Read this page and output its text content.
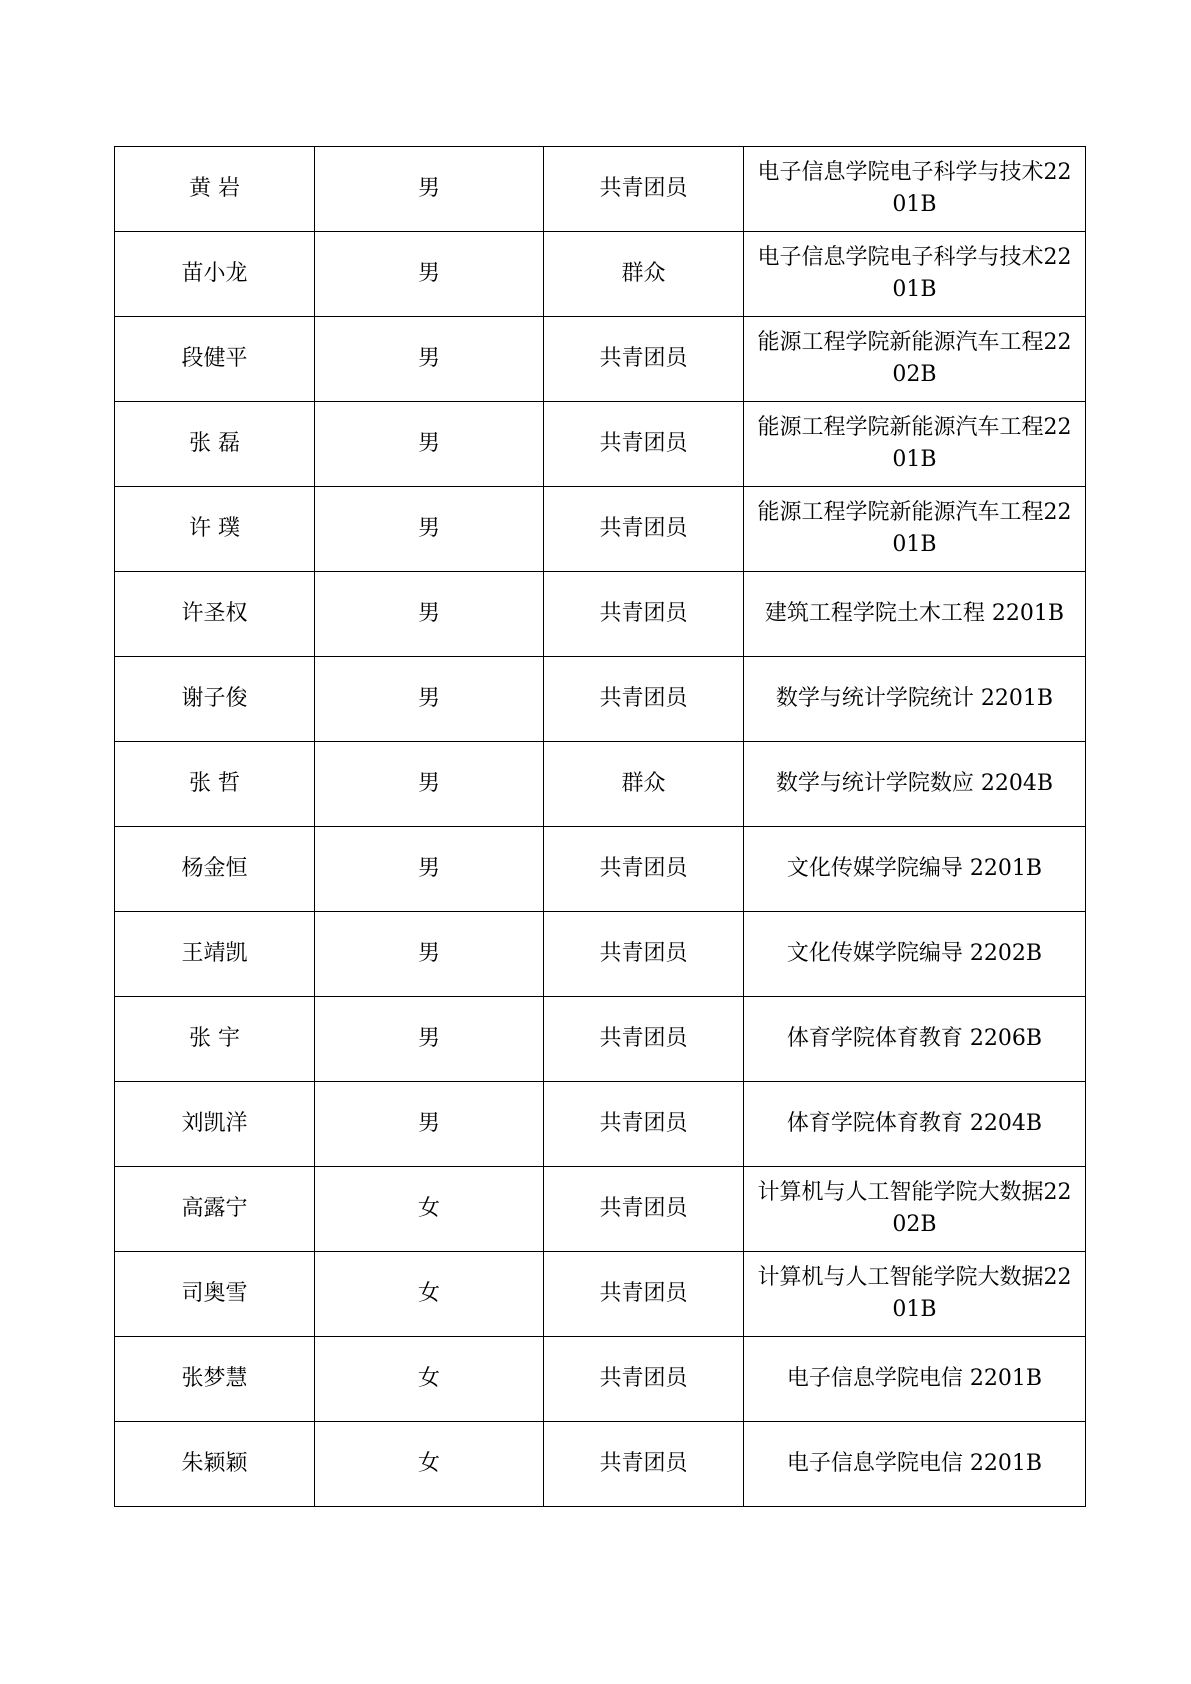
黄 岩	男	共青团员	电子信息学院电子科学与技术2201B
苗小龙	男	群众	电子信息学院电子科学与技术2201B
段健平	男	共青团员	能源工程学院新能源汽车工程2202B
张 磊	男	共青团员	能源工程学院新能源汽车工程2201B
许 璞	男	共青团员	能源工程学院新能源汽车工程2201B
许圣权	男	共青团员	建筑工程学院土木工程 2201B
谢子俊	男	共青团员	数学与统计学院统计 2201B
张 哲	男	群众	数学与统计学院数应 2204B
杨金恒	男	共青团员	文化传媒学院编导 2201B
王靖凯	男	共青团员	文化传媒学院编导 2202B
张 宇	男	共青团员	体育学院体育教育 2206B
刘凯洋	男	共青团员	体育学院体育教育 2204B
高露宁	女	共青团员	计算机与人工智能学院大数据2202B
司奥雪	女	共青团员	计算机与人工智能学院大数据2201B
张梦慧	女	共青团员	电子信息学院电信 2201B
朱颖颖	女	共青团员	电子信息学院电信 2201B
